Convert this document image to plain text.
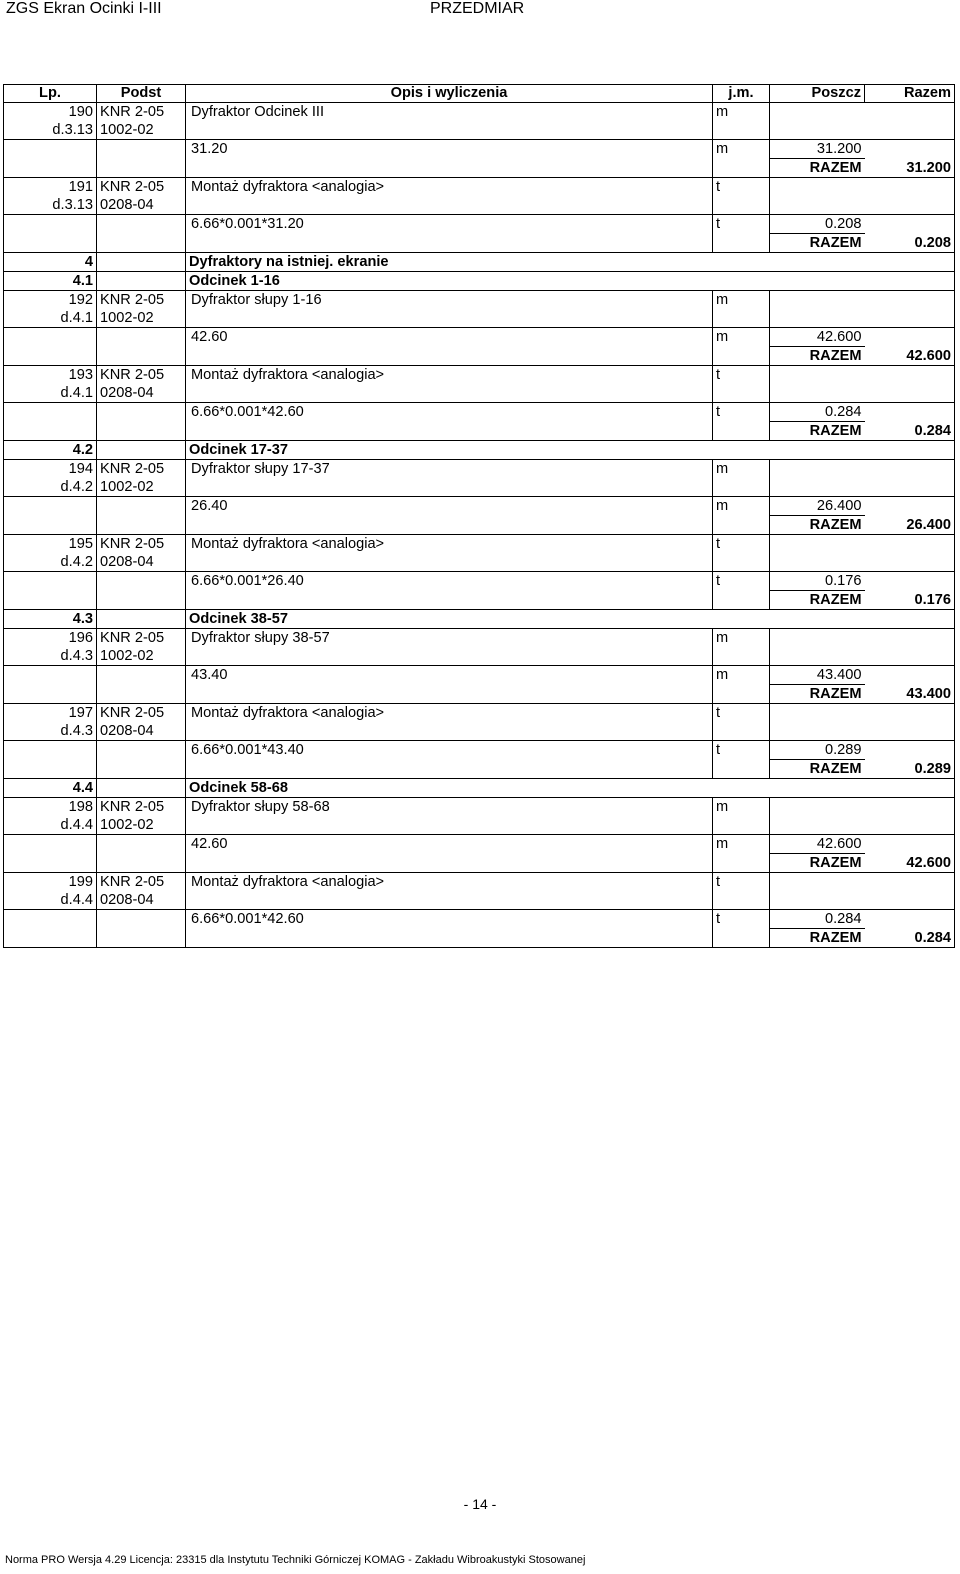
ZGS Ekran Ocinki I-III	PRZEDMIAR
Lp.	Podst	Opis i wyliczenia	j.m.	Poszcz	Razem
190	KNR 2-05	Dyfraktor Odcinek III	m		
d.3.13	1002-02				
		31.20	m	31.200	
				RAZEM	31.200
191	KNR 2-05	Montaż dyfraktora <analogia>	t		
d.3.13	0208-04				
		6.66*0.001*31.20	t	0.208	
				RAZEM	0.208
4		Dyfraktory na istniej. ekranie			
4.1		Odcinek 1-16			
192	KNR 2-05	Dyfraktor słupy 1-16	m		
d.4.1	1002-02				
		42.60	m	42.600	
				RAZEM	42.600
193	KNR 2-05	Montaż dyfraktora <analogia>	t		
d.4.1	0208-04				
		6.66*0.001*42.60	t	0.284	
				RAZEM	0.284
4.2		Odcinek 17-37			
194	KNR 2-05	Dyfraktor słupy 17-37	m		
d.4.2	1002-02				
		26.40	m	26.400	
				RAZEM	26.400
195	KNR 2-05	Montaż dyfraktora <analogia>	t		
d.4.2	0208-04				
		6.66*0.001*26.40	t	0.176	
				RAZEM	0.176
4.3		Odcinek 38-57			
196	KNR 2-05	Dyfraktor słupy 38-57	m		
d.4.3	1002-02				
		43.40	m	43.400	
				RAZEM	43.400
197	KNR 2-05	Montaż dyfraktora <analogia>	t		
d.4.3	0208-04				
		6.66*0.001*43.40	t	0.289	
				RAZEM	0.289
4.4		Odcinek 58-68			
198	KNR 2-05	Dyfraktor słupy 58-68	m		
d.4.4	1002-02				
		42.60	m	42.600	
				RAZEM	42.600
199	KNR 2-05	Montaż dyfraktora <analogia>	t		
d.4.4	0208-04				
		6.66*0.001*42.60	t	0.284	
				RAZEM	0.284
- 14 -
Norma PRO Wersja 4.29 Licencja: 23315 dla Instytutu Techniki Górniczej KOMAG - Zakładu Wibroakustyki Stosowanej
